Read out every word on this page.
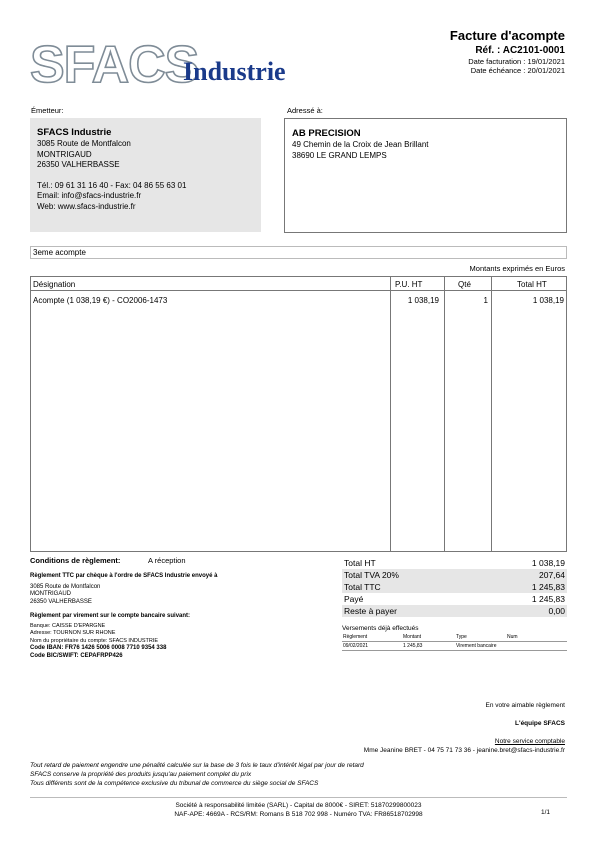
SFACS
Industrie
Facture d'acompte
Réf. : AC2101-0001
Date facturation : 19/01/2021
Date échéance : 20/01/2021
Émetteur:	Adressé à:
SFACS Industrie
3085 Route de Montfalcon
MONTRIGAUD
26350 VALHERBASSE
Tél.: 09 61 31 16 40 - Fax: 04 86 55 63 01
Email: info@sfacs-industrie.fr
Web: www.sfacs-industrie.fr
AB PRECISION
49 Chemin de la Croix de Jean Brillant
38690 LE GRAND LEMPS
3eme acompte
Montants exprimés en Euros
Désignation	P.U. HT	Qté	Total HT
Acompte (1 038,19 €) - CO2006-1473	1 038,19	1	1 038,19
Conditions de règlement:	A réception
Règlement TTC par chèque à l'ordre de SFACS Industrie envoyé à
3085 Route de Montfalcon
MONTRIGAUD
26350 VALHERBASSE
Règlement par virement sur le compte bancaire suivant:
Banque: CAISSE D'EPARGNE
Adresse: TOURNON SUR RHONE
Nom du propriétaire du compte: SFACS INDUSTRIE
Code IBAN: FR76 1426 5006 0008 7710 9354 338
Code BIC/SWIFT: CEPAFRPP426
Total HT	1 038,19
Total TVA 20%	207,64
Total TTC	1 245,83
Payé	1 245,83
Reste à payer	0,00
Versements déjà effectués
Règlement	Montant	Type	Num
09/02/2021	1 245,83	Virement bancaire
En votre aimable règlement
L'équipe SFACS
Notre service comptable
Mme Jeanine BRET - 04 75 71 73 36 - jeanine.bret@sfacs-industrie.fr
Tout retard de paiement engendre une pénalité calculée sur la base de 3 fois le taux d'intérêt légal par jour de retard
SFACS conserve la propriété des produits jusqu'au paiement complet du prix
Tous différents sont de la compétence exclusive du tribunal de commerce du siège social de SFACS
Société à responsabilité limitée (SARL) - Capital de 8000€ - SIRET: 51870299800023
NAF-APE: 4669A - RCS/RM: Romans B 518 702 998 - Numéro TVA: FR86518702998	1/1
